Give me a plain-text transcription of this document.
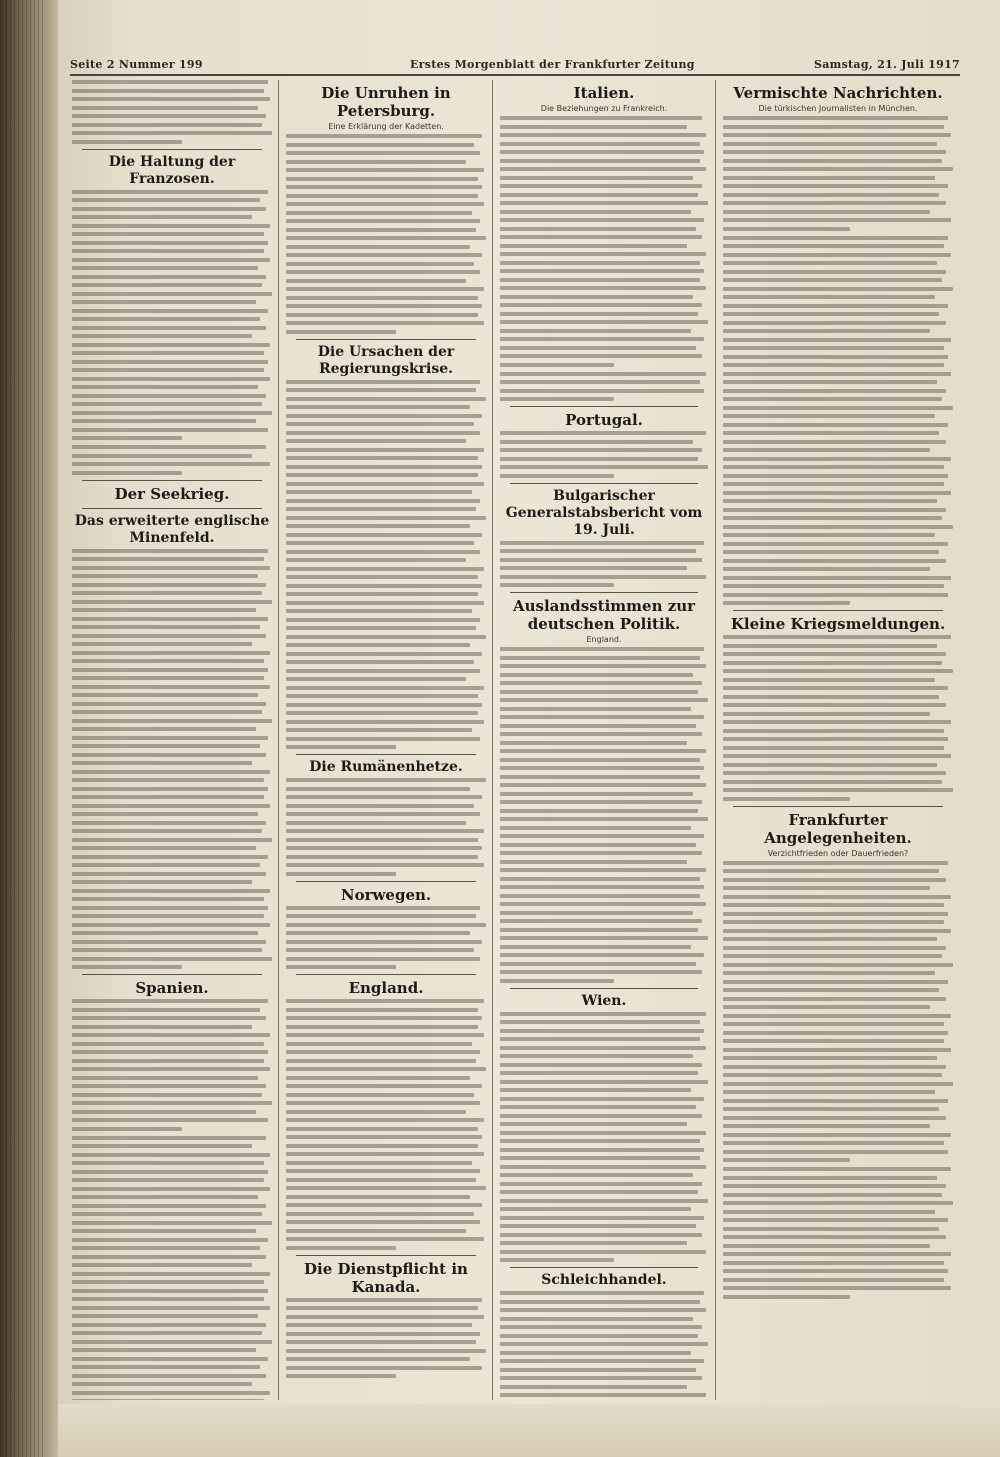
Seite 2 Nummer 199	Erstes Morgenblatt der Frankfurter Zeitung	Samstag, 21. Juli 1917
Die Haltung der Franzosen.
Der Seekrieg.
Das erweiterte englische Minenfeld.
Spanien.
Die Unruhen in Petersburg.
Eine Erklärung der Kadetten.
Die Ursachen der Regierungskrise.
Die Rumänenhetze.
Norwegen.
England.
Die Dienstpflicht in Kanada.
Italien.
Die Beziehungen zu Frankreich.
Portugal.
Bulgarischer Generalstabsbericht vom 19. Juli.
Auslandsstimmen zur deutschen Politik.
England.
Wien.
Schleichhandel.
Vermischte Nachrichten.
Die türkischen Journalisten in München.
Kleine Kriegsmeldungen.
Frankfurter Angelegenheiten.
Verzichtfrieden oder Dauerfrieden?
